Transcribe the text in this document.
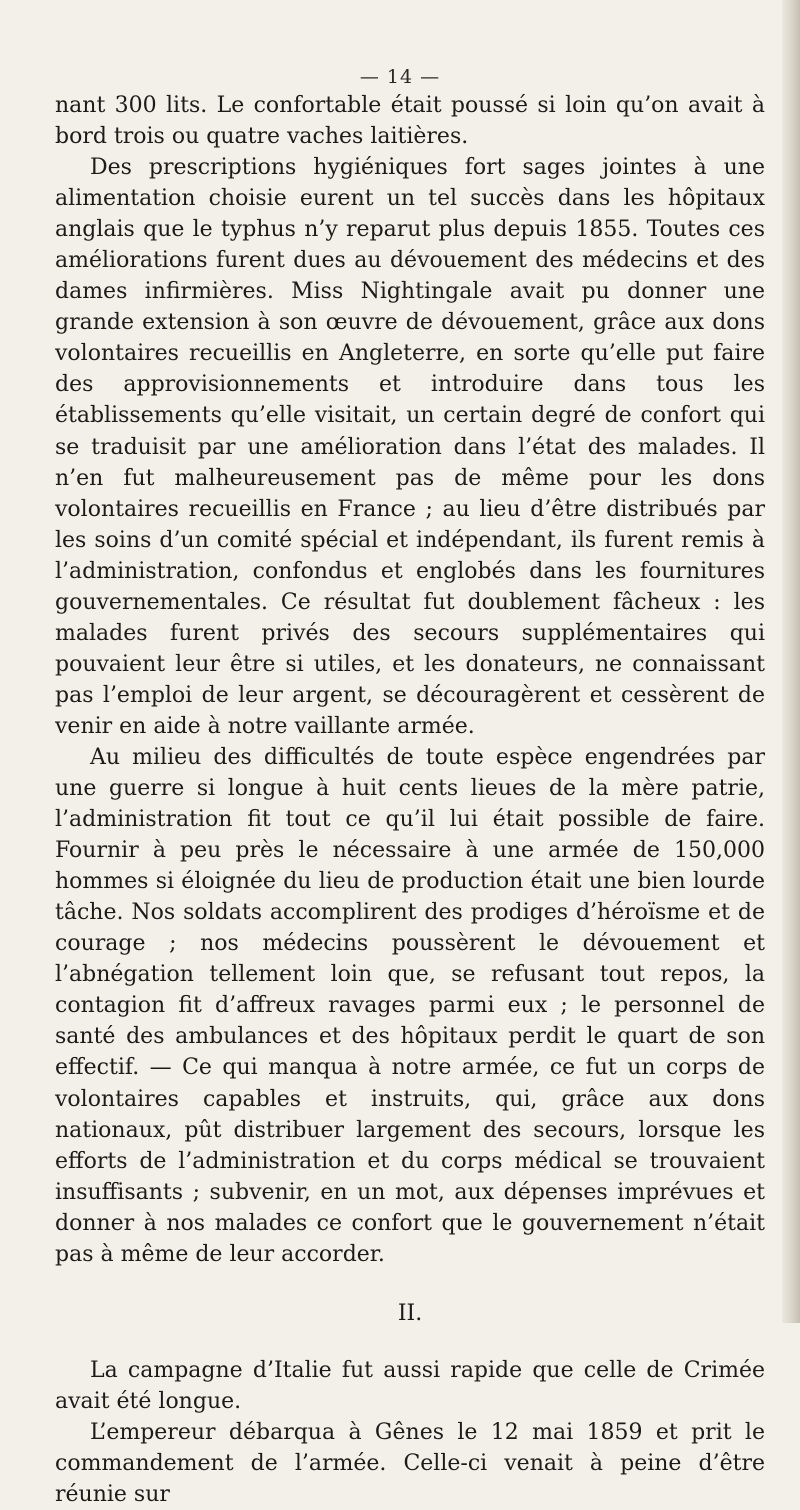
— 14 —

nant 300 lits. Le confortable était poussé si loin qu’on avait à bord trois ou quatre vaches laitières.

Des prescriptions hygiéniques fort sages jointes à une alimentation choisie eurent un tel succès dans les hôpitaux anglais que le typhus n’y reparut plus depuis 1855. Toutes ces améliorations furent dues au dévouement des médecins et des dames infirmières. Miss Nightingale avait pu donner une grande extension à son œuvre de dévouement, grâce aux dons volontaires recueillis en Angleterre, en sorte qu’elle put faire des approvisionnements et introduire dans tous les établissements qu’elle visitait, un certain degré de confort qui se traduisit par une amélioration dans l’état des malades. Il n’en fut malheureusement pas de même pour les dons volontaires recueillis en France ; au lieu d’être distribués par les soins d’un comité spécial et indépendant, ils furent remis à l’administration, confondus et englobés dans les fournitures gouvernementales. Ce résultat fut doublement fâcheux : les malades furent privés des secours supplémentaires qui pouvaient leur être si utiles, et les donateurs, ne connaissant pas l’emploi de leur argent, se découragèrent et cessèrent de venir en aide à notre vaillante armée.

Au milieu des difficultés de toute espèce engendrées par une guerre si longue à huit cents lieues de la mère patrie, l’administration fit tout ce qu’il lui était possible de faire. Fournir à peu près le nécessaire à une armée de 150,000 hommes si éloignée du lieu de production était une bien lourde tâche. Nos soldats accomplirent des prodiges d’héroïsme et de courage ; nos médecins poussèrent le dévouement et l’abnégation tellement loin que, se refusant tout repos, la contagion fit d’affreux ravages parmi eux ; le personnel de santé des ambulances et des hôpitaux perdit le quart de son effectif. — Ce qui manqua à notre armée, ce fut un corps de volontaires capables et instruits, qui, grâce aux dons nationaux, pût distribuer largement des secours, lorsque les efforts de l’administration et du corps médical se trouvaient insuffisants ; subvenir, en un mot, aux dépenses imprévues et donner à nos malades ce confort que le gouvernement n’était pas à même de leur accorder.

II.

La campagne d’Italie fut aussi rapide que celle de Crimée avait été longue.

L’empereur débarqua à Gênes le 12 mai 1859 et prit le commandement de l’armée. Celle-ci venait à peine d’être réunie sur
